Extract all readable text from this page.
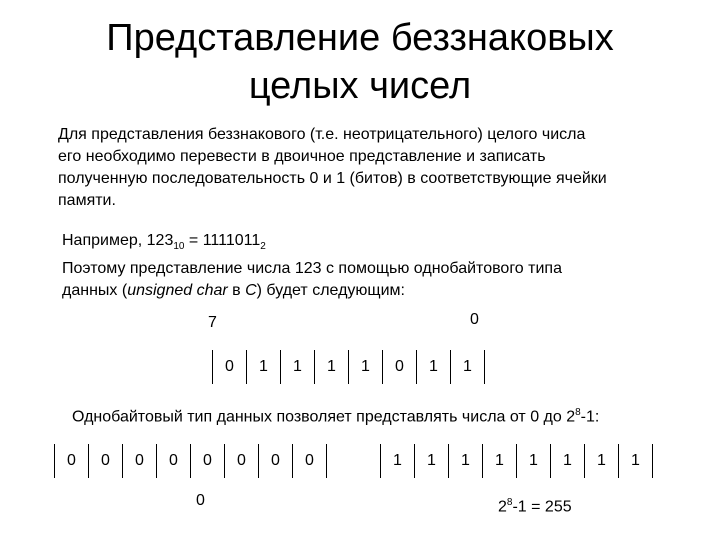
Представление беззнаковых
целых чисел
Для представления беззнакового (т.е. неотрицательного) целого числа
его необходимо перевести в двоичное представление и записать
полученную последовательность 0 и 1 (битов) в соответствующие ячейки
памяти.
Например, $123_{10} = 1111011_2$
Поэтому представление числа 123 с помощью однобайтового типа
данных (unsigned char в C) будет следующим:
7	0
0	1	1	1	1	0	1	1
Однобайтовый тип данных позволяет представлять числа от 0 до $2^8-1$:
0	0	0	0	0	0	0	0	1	1	1	1	1	1	1	1
0	$2^8-1 = 255$
